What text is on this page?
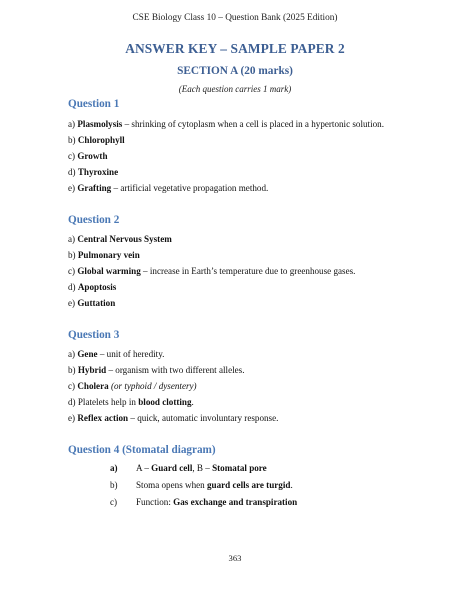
CSE Biology Class 10 – Question Bank (2025 Edition)
ANSWER KEY – SAMPLE PAPER 2
SECTION A (20 marks)
(Each question carries 1 mark)
Question 1
a) Plasmolysis – shrinking of cytoplasm when a cell is placed in a hypertonic solution.
b) Chlorophyll
c) Growth
d) Thyroxine
e) Grafting – artificial vegetative propagation method.
Question 2
a) Central Nervous System
b) Pulmonary vein
c) Global warming – increase in Earth’s temperature due to greenhouse gases.
d) Apoptosis
e) Guttation
Question 3
a) Gene – unit of heredity.
b) Hybrid – organism with two different alleles.
c) Cholera (or typhoid / dysentery)
d) Platelets help in blood clotting.
e) Reflex action – quick, automatic involuntary response.
Question 4 (Stomatal diagram)
a) A – Guard cell, B – Stomatal pore
b) Stoma opens when guard cells are turgid.
c) Function: Gas exchange and transpiration
363
